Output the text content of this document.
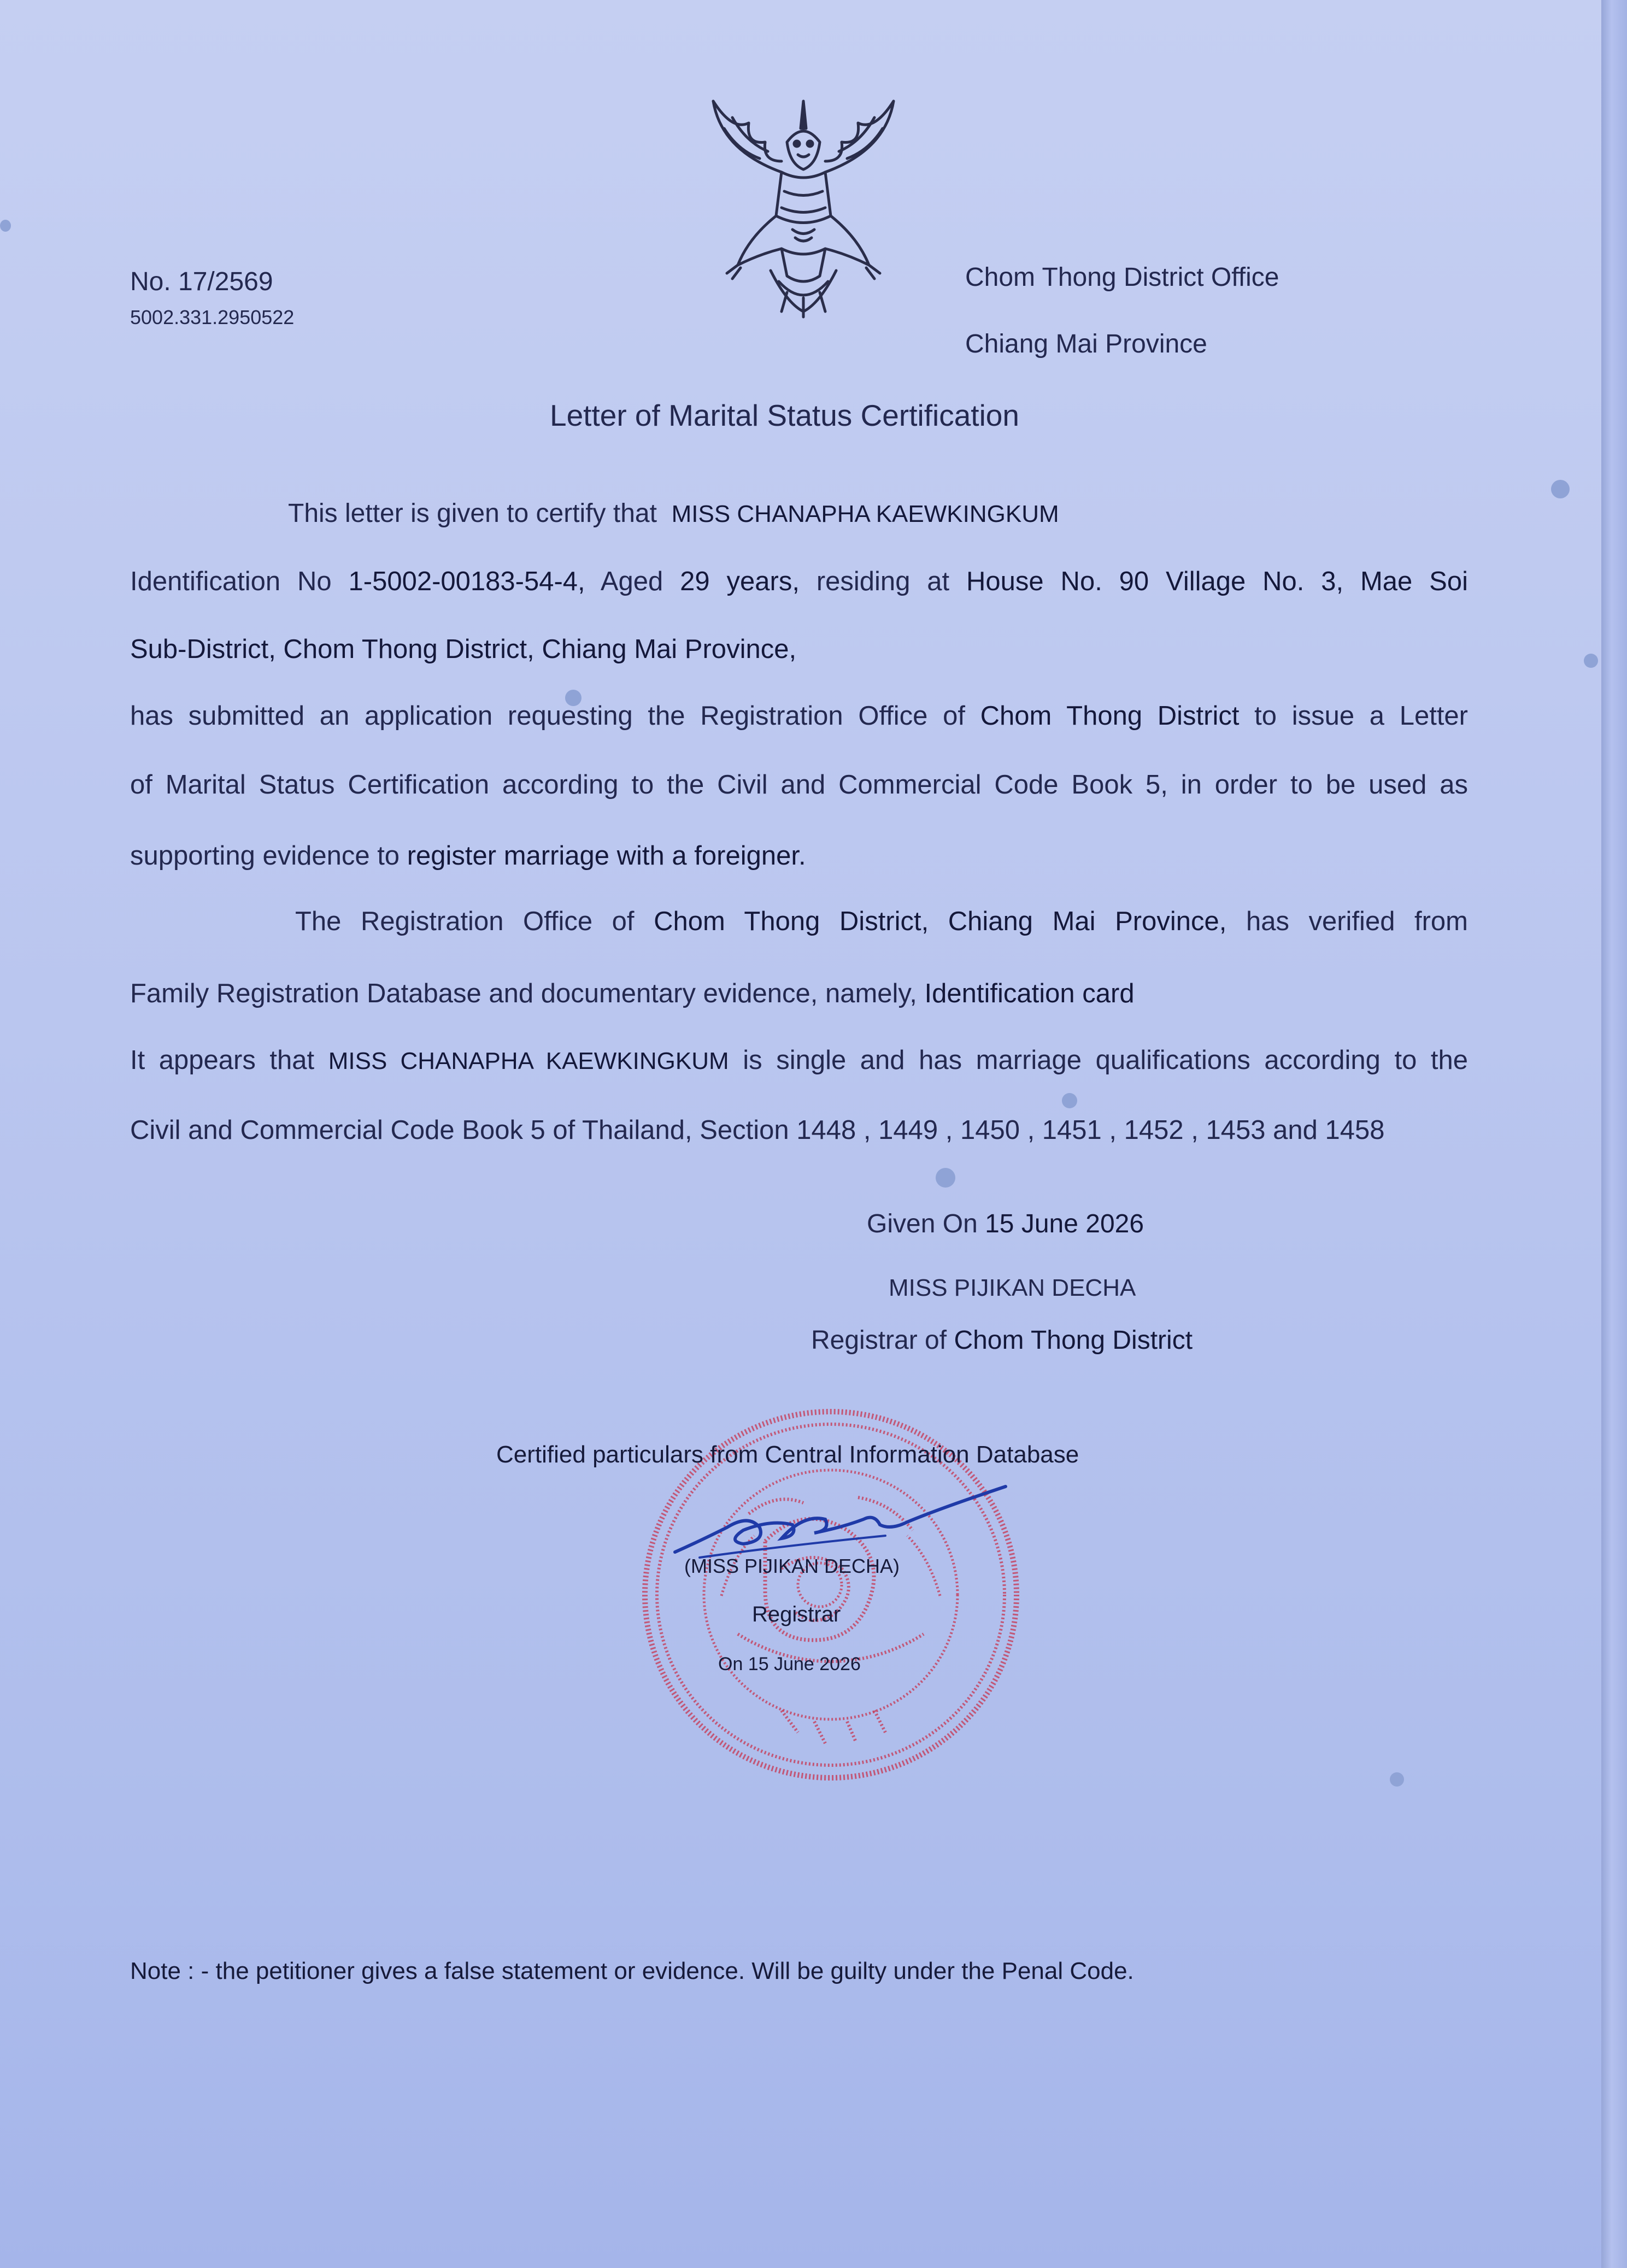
No. 17/2569
5002.331.2950522
Chom Thong District Office
Chiang Mai Province
Letter of Marital Status Certification
This letter is given to certify that MISS CHANAPHA KAEWKINGKUM
Identification No 1-5002-00183-54-4, Aged 29 years, residing at House No. 90 Village No. 3, Mae Soi
Sub-District, Chom Thong District, Chiang Mai Province,
has submitted an application requesting the Registration Office of Chom Thong District to issue a Letter
of Marital Status Certification according to the Civil and Commercial Code Book 5, in order to be used as
supporting evidence to register marriage with a foreigner.
The Registration Office of Chom Thong District, Chiang Mai Province, has verified from
Family Registration Database and documentary evidence, namely, Identification card
It appears that MISS CHANAPHA KAEWKINGKUM is single and has marriage qualifications according to the
Civil and Commercial Code Book 5 of Thailand, Section 1448 , 1449 , 1450 , 1451 , 1452 , 1453 and 1458
Given On 15 June 2026
MISS PIJIKAN DECHA
Registrar of Chom Thong District
Certified particulars from Central Information Database
(MISS PIJIKAN DECHA)
Registrar
On 15 June 2026
Note : - the petitioner gives a false statement or evidence. Will be guilty under the Penal Code.
